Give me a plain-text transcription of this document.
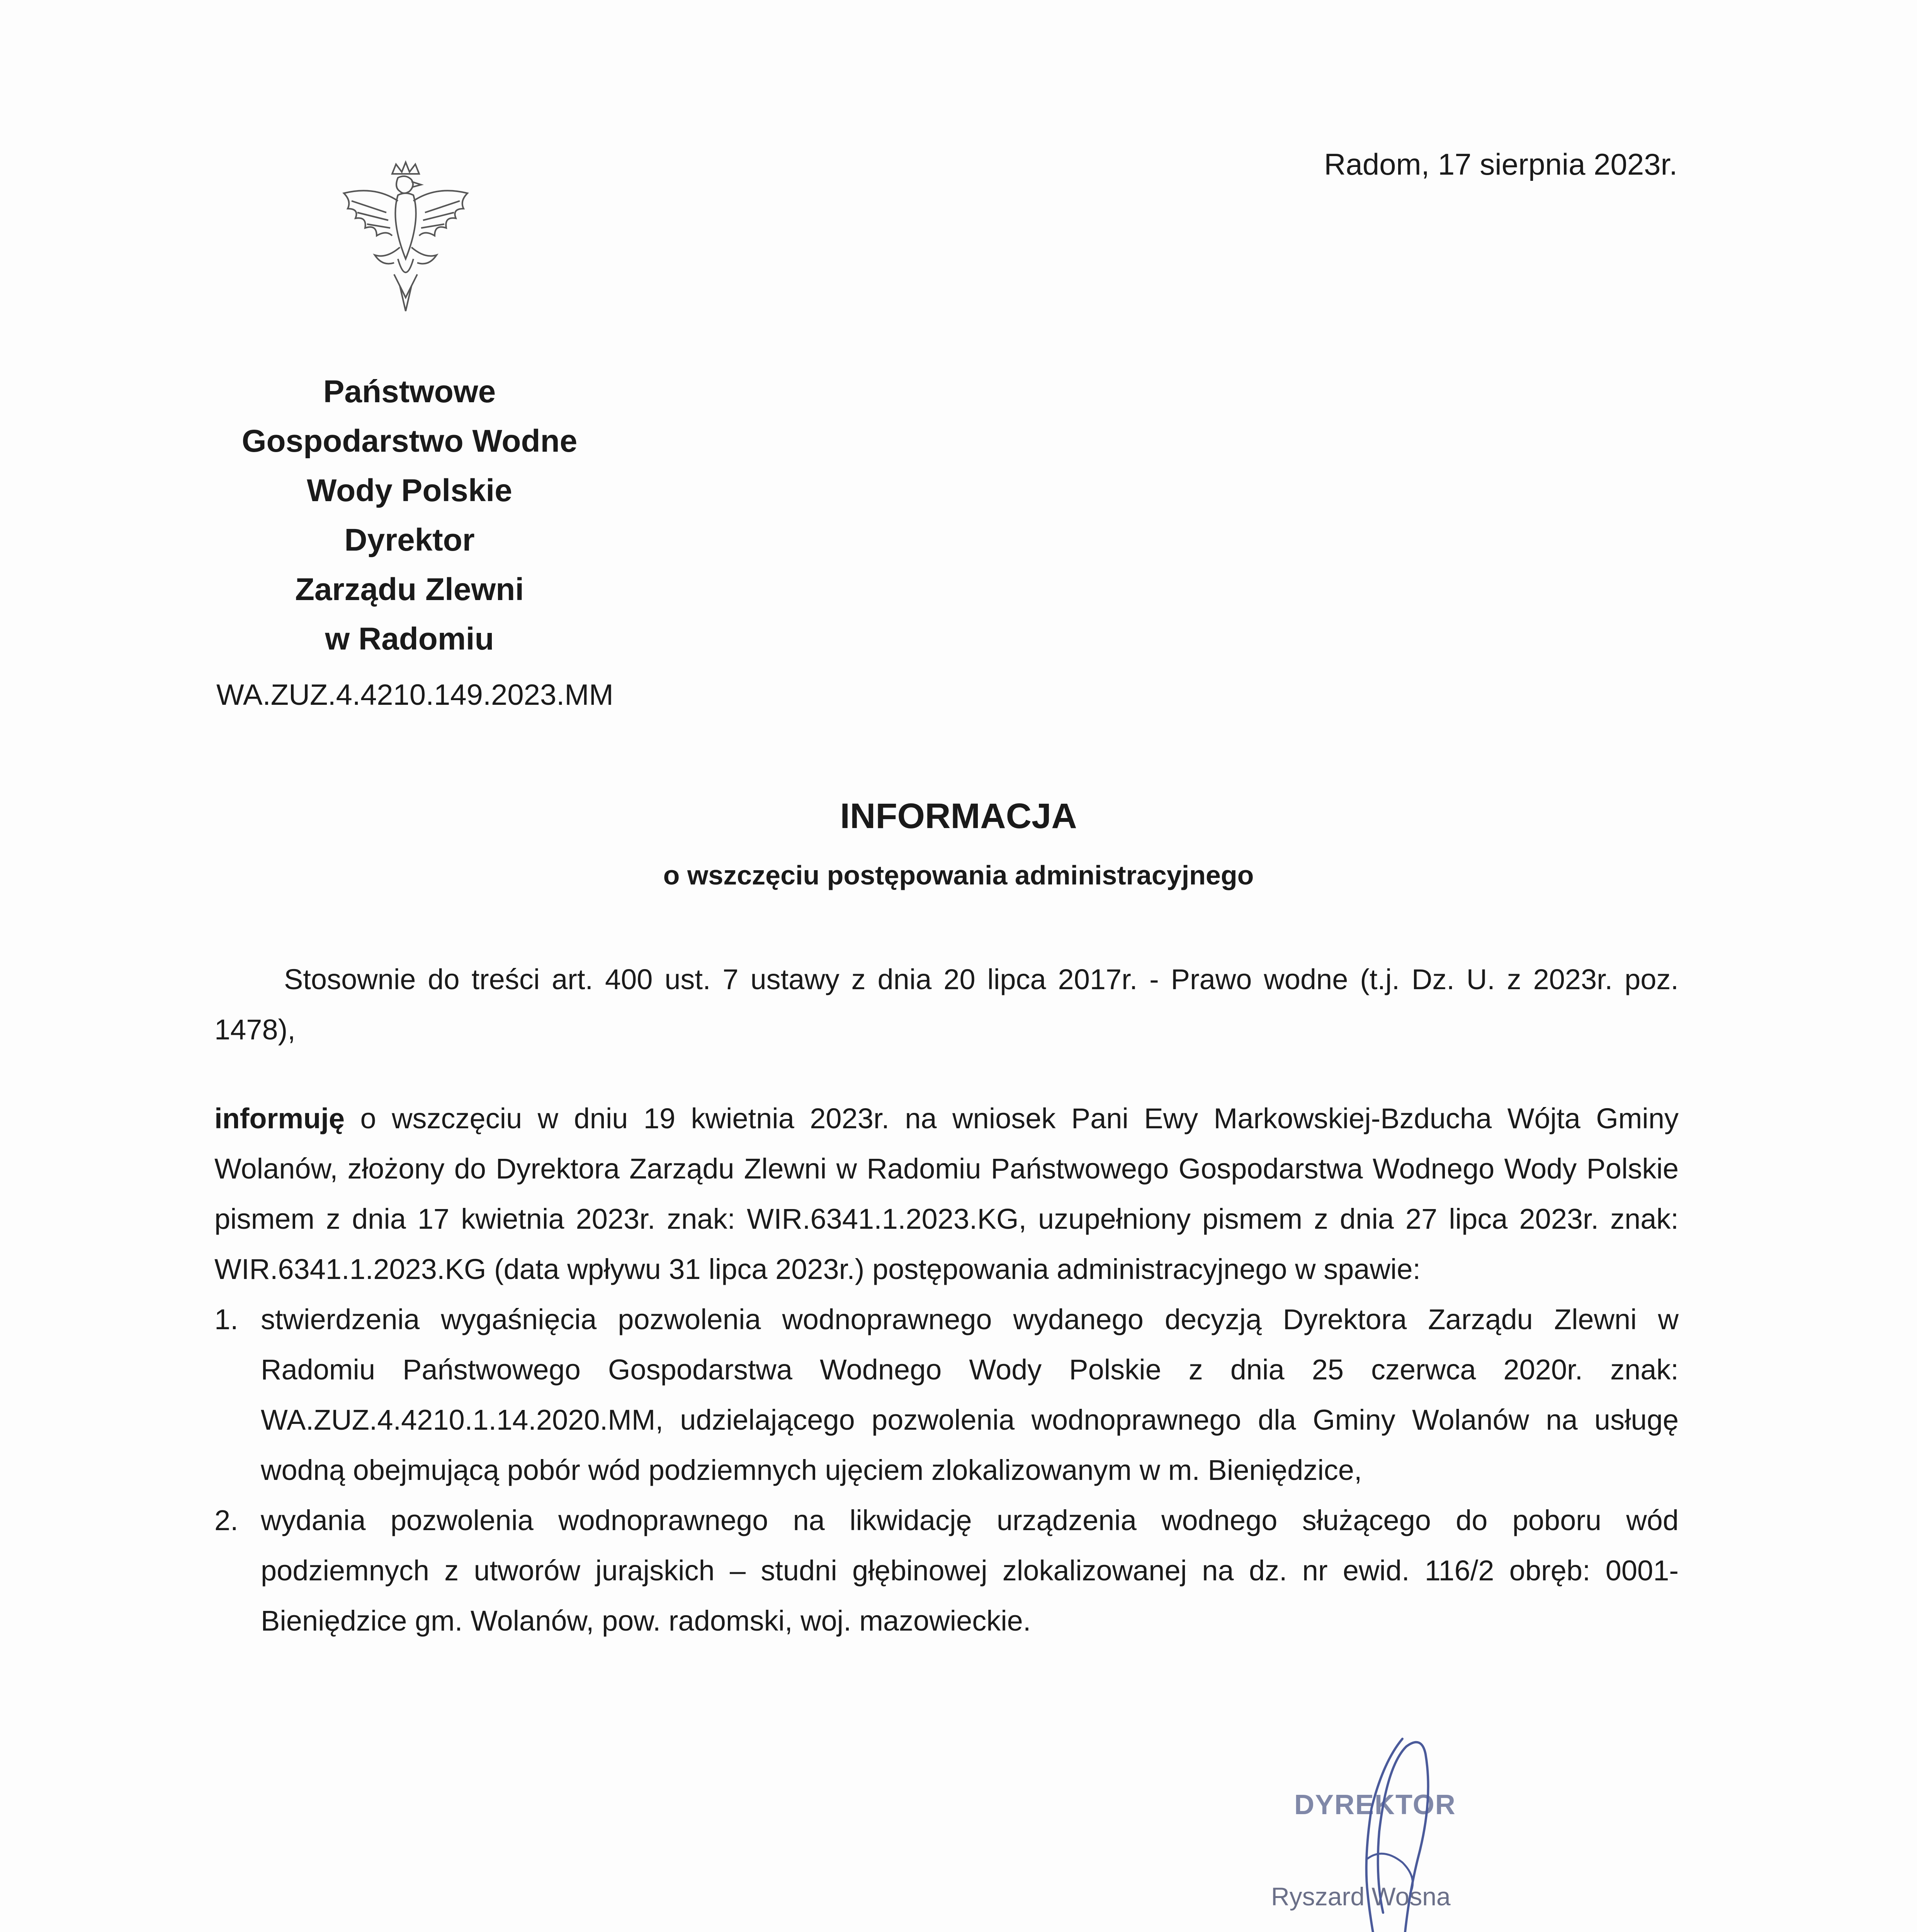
Radom, 17 sierpnia 2023r.
Państwowe
Gospodarstwo Wodne
Wody Polskie
Dyrektor
Zarządu Zlewni
w Radomiu
WA.ZUZ.4.4210.149.2023.MM
INFORMACJA
o wszczęciu postępowania administracyjnego

Stosownie do treści art. 400 ust. 7 ustawy z dnia 20 lipca 2017r. - Prawo wodne (t.j. Dz. U. z 2023r. poz. 1478),

informuję o wszczęciu w dniu 19 kwietnia 2023r. na wniosek Pani Ewy Markowskiej-Bzducha Wójta Gminy Wolanów, złożony do Dyrektora Zarządu Zlewni w Radomiu Państwowego Gospodarstwa Wodnego Wody Polskie pismem z dnia 17 kwietnia 2023r. znak: WIR.6341.1.2023.KG, uzupełniony pismem z dnia 27 lipca 2023r. znak: WIR.6341.1.2023.KG (data wpływu 31 lipca 2023r.) postępowania administracyjnego w spawie:

1. stwierdzenia wygaśnięcia pozwolenia wodnoprawnego wydanego decyzją Dyrektora Zarządu Zlewni w Radomiu Państwowego Gospodarstwa Wodnego Wody Polskie z dnia 25 czerwca 2020r. znak: WA.ZUZ.4.4210.1.14.2020.MM, udzielającego pozwolenia wodnoprawnego dla Gminy Wolanów na usługę wodną obejmującą pobór wód podziemnych ujęciem zlokalizowanym w m. Bieniędzice,
2. wydania pozwolenia wodnoprawnego na likwidację urządzenia wodnego służącego do poboru wód podziemnych z utworów jurajskich – studni głębinowej zlokalizowanej na dz. nr ewid. 116/2 obręb: 0001-Bieniędzice gm. Wolanów, pow. radomski, woj. mazowieckie.
DYREKTOR
Ryszard Wosna
